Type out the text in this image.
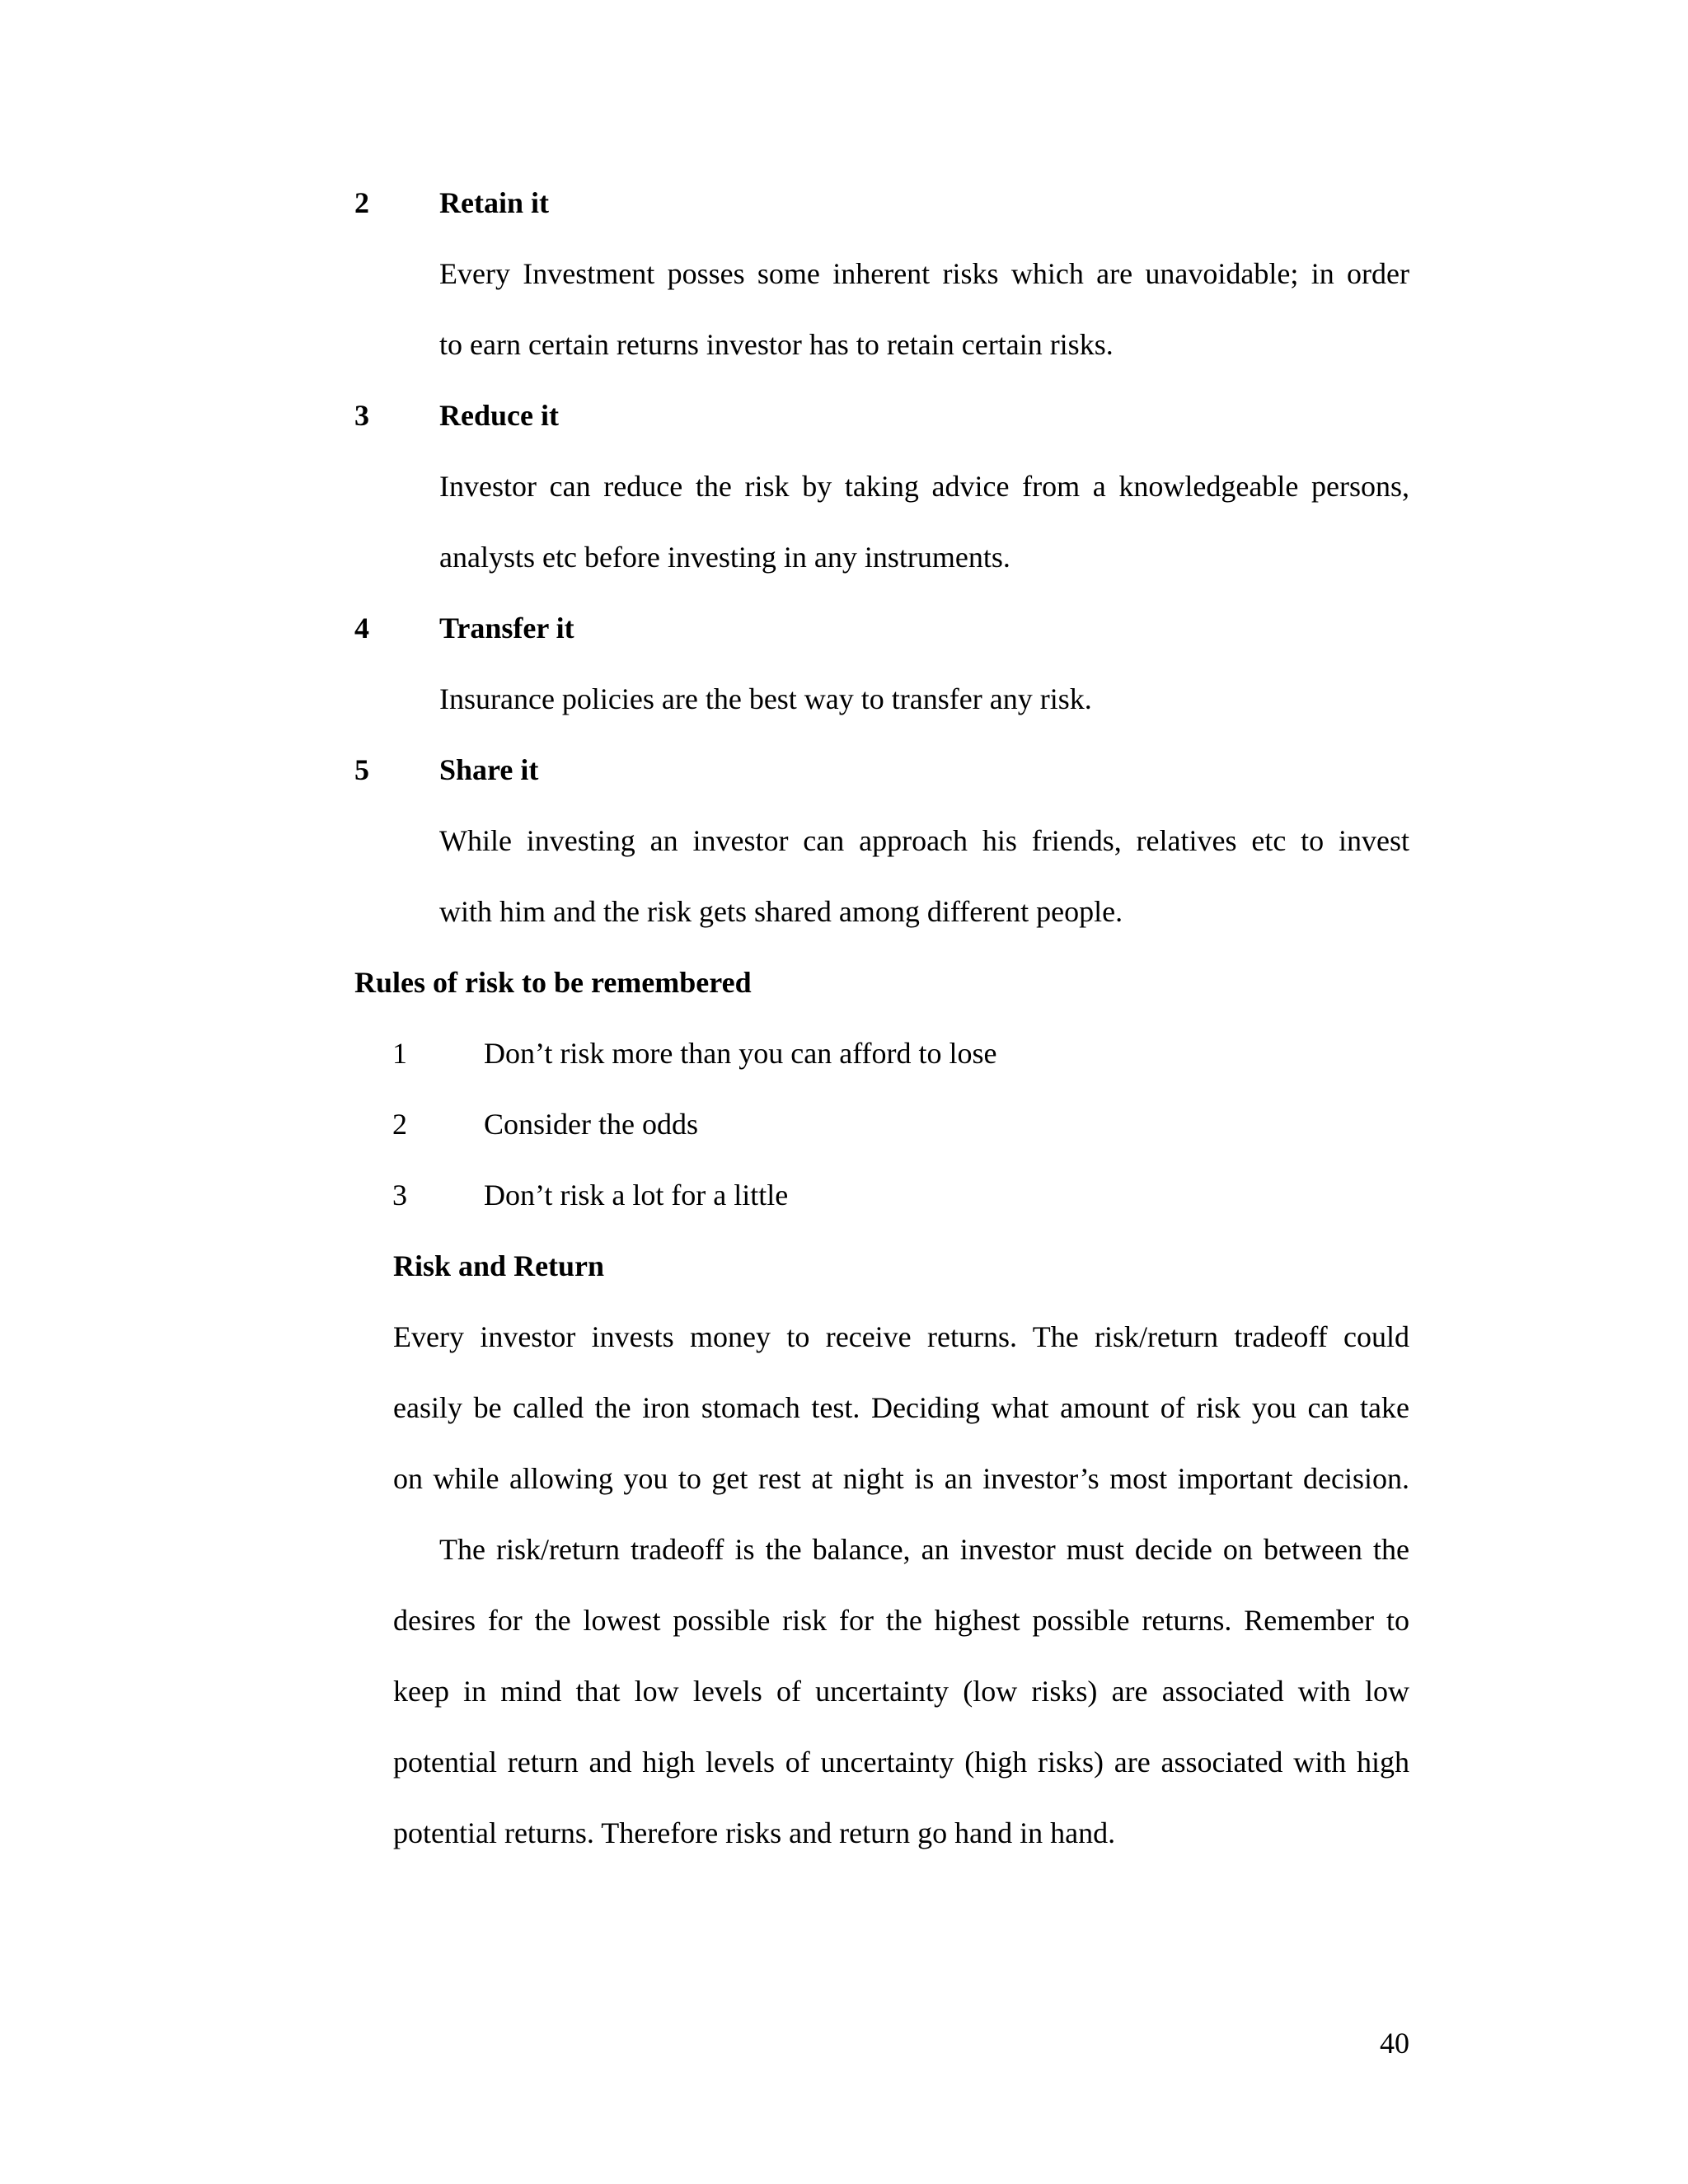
2 Retain it
Every Investment posses some inherent risks which are unavoidable; in order
to earn certain returns investor has to retain certain risks.
3 Reduce it
Investor can reduce the risk by taking advice from a knowledgeable persons,
analysts etc before investing in any instruments.
4 Transfer it
Insurance policies are the best way to transfer any risk.
5 Share it
While investing an investor can approach his friends, relatives etc to invest
with him and the risk gets shared among different people.
Rules of risk to be remembered
1	Don’t risk more than you can afford to lose
2	Consider the odds
3	Don’t risk a lot for a little
Risk and Return
Every investor invests money to receive returns. The risk/return tradeoff could
easily be called the iron stomach test. Deciding what amount of risk you can take
on while allowing you to get rest at night is an investor’s most important decision.
The risk/return tradeoff is the balance, an investor must decide on between the
desires for the lowest possible risk for the highest possible returns. Remember to
keep in mind that low levels of uncertainty (low risks) are associated with low
potential return and high levels of uncertainty (high risks) are associated with high
potential returns. Therefore risks and return go hand in hand.
40
